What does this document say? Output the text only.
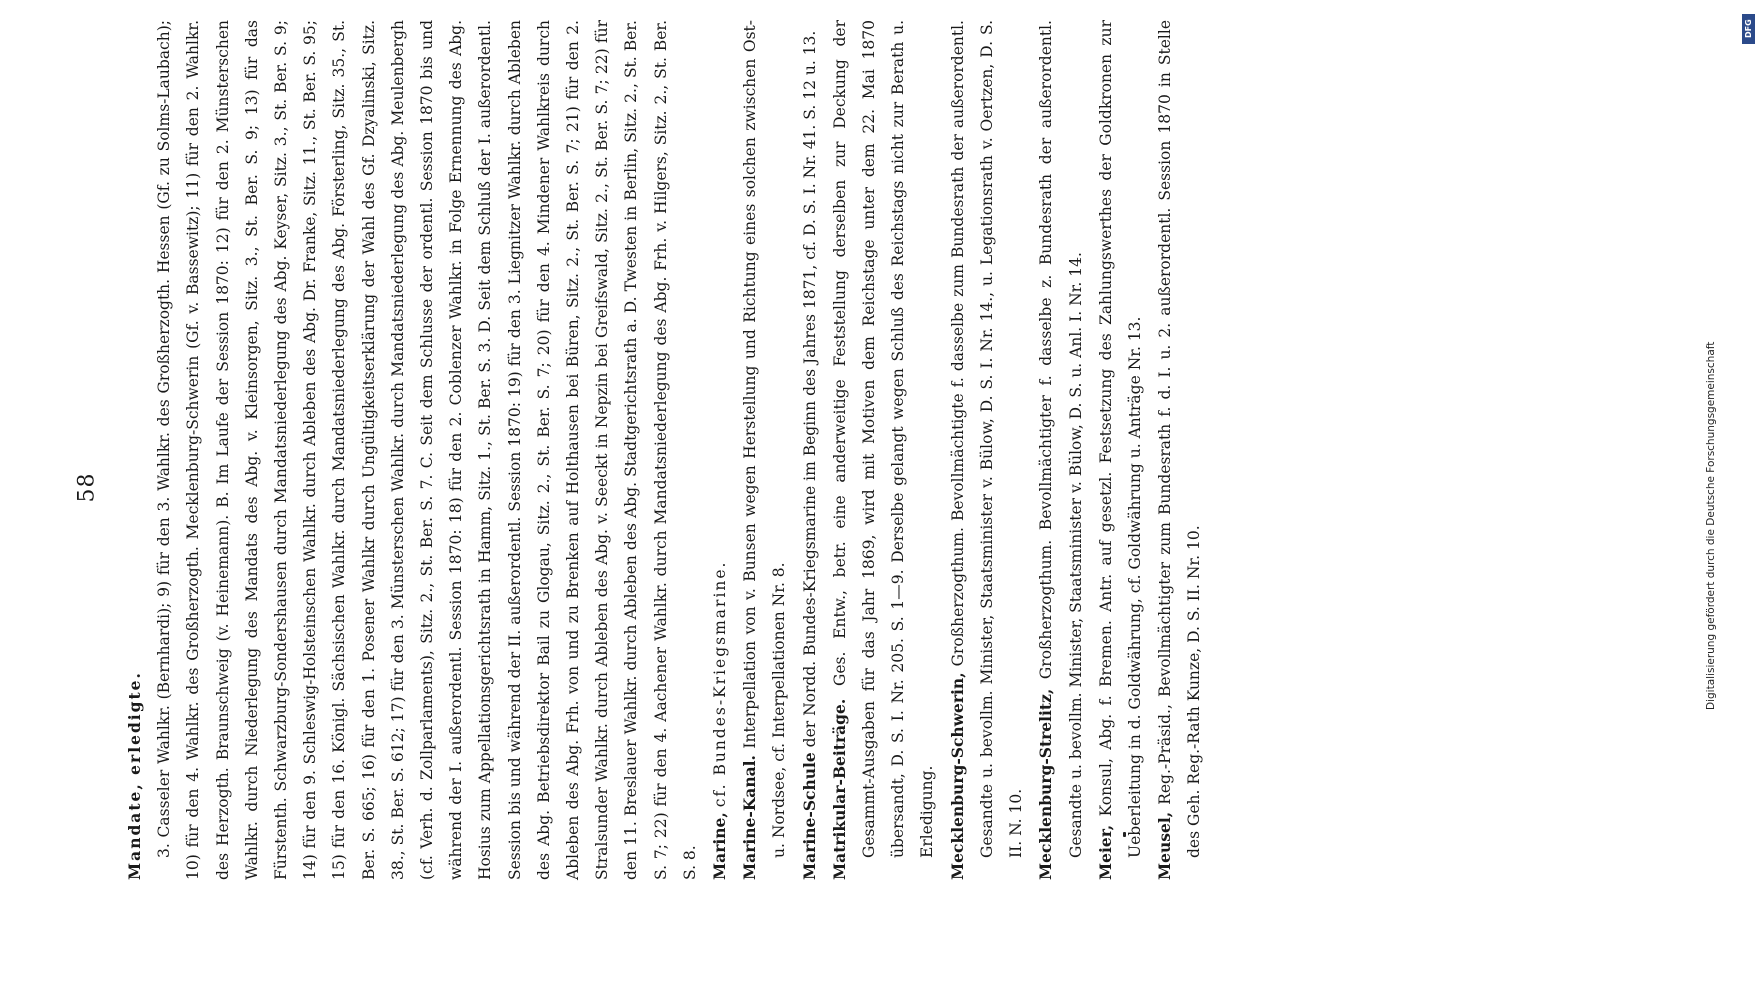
58

Mandate, erledigte. 3. Casseler Wahlkr. (Bernhardi); 9) für den 3. Wahlkr. des Großherzogth. Hessen (Gf. zu Solms-Laubach); 10) für den 4. Wahlkr. des Großherzogth. Mecklenburg-Schwerin (Gf. v. Bassewitz); 11) für den 2. Wahlkr. des Herzogth. Braunschweig (v. Heinemann). B. Im Laufe der Session 1870: 12) für den 2. Münsterschen Wahlkr. durch Niederlegung des Mandats des Abg. v. Kleinsorgen, Sitz. 3., St. Ber. S. 9; 13) für das Fürstenth. Schwarzburg-Sondershausen durch Mandatsniederlegung des Abg. Keyser, Sitz. 3., St. Ber. S. 9; 14) für den 9. Schleswig-Holsteinschen Wahlkr. durch Ableben des Abg. Dr. Franke, Sitz. 11., St. Ber. S. 95; 15) für den 16. Königl. Sächsischen Wahlkr. durch Mandatsniederlegung des Abg. Försterling, Sitz. 35., St. Ber. S. 665; 16) für den 1. Posener Wahlkr durch Ungültigkeitserklärung der Wahl des Gf. Dzyalinski, Sitz. 38., St. Ber. S. 612; 17) für den 3. Münsterschen Wahlkr. durch Mandatsniederlegung des Abg. Meulenbergh (cf. Verh. d. Zollparlaments), Sitz. 2., St. Ber. S. 7. C. Seit dem Schlusse der ordentl. Session 1870 bis und während der I. außerordentl. Session 1870: 18) für den 2. Coblenzer Wahlkr. in Folge Ernennung des Abg. Hosius zum Appellationsgerichtsrath in Hamm, Sitz. 1., St. Ber. S. 3. D. Seit dem Schluß der I. außerordentl. Session bis und während der II. außerordentl. Session 1870: 19) für den 3. Liegnitzer Wahlkr. durch Ableben des Abg. Betriebsdirektor Bail zu Glogau, Sitz. 2., St. Ber. S. 7; 20) für den 4. Mindener Wahlkreis durch Ableben des Abg. Frh. von und zu Brenken auf Holthausen bei Büren, Sitz. 2., St. Ber. S. 7; 21) für den 2. Stralsunder Wahlkr. durch Ableben des Abg. v. Seeckt in Nepzin bei Greifswald, Sitz. 2., St. Ber. S. 7; 22) für den 11. Breslauer Wahlkr. durch Ableben des Abg. Stadtgerichtsrath a. D. Twesten in Berlin, Sitz. 2., St. Ber. S. 7; 22) für den 4. Aachener Wahlkr. durch Mandatsniederlegung des Abg. Frh. v. Hilgers, Sitz. 2., St. Ber. S. 8. Marine, cf. Bundes-Kriegsmarine.

Marine-Kanal. Interpellation von v. Bunsen wegen Herstellung und Richtung eines solchen zwischen Ost- u. Nordsee, cf. Interpellationen Nr. 8. Marine-Schule der Nordd. Bundes-Kriegsmarine im Beginn des Jahres 1871, cf. D. S. I. Nr. 41. S. 12 u. 13.

Matrikular-Beiträge. Ges. Entw., betr. eine anderweitige Feststellung derselben zur Deckung der Gesammt-Ausgaben für das Jahr 1869, wird mit Motiven dem Reichstage unter dem 22. Mai 1870 übersandt, D. S. I. Nr. 205. S. 1—9. Derselbe gelangt wegen Schluß des Reichstags nicht zur Berath u. Erledigung. Mecklenburg-Schwerin, Großherzogthum. Bevollmächtigte f. dasselbe zum Bundesrath der außerordentl. Gesandte u. bevollm. Minister, Staatsminister v. Bülow, D. S. I. Nr. 14., u. Legationsrath v. Oertzen, D. S. II. N. 10. Mecklenburg-Strelitz, Großherzogthum. Bevollmächtigter f. dasselbe z. Bundesrath der außerordentl. Gesandte u. bevollm. Minister, Staatsminister v. Bülow, D. S. u. Anl. I. Nr. 14. Meier, Konsul, Abg. f. Bremen. Antr. auf gesetzl. Festsetzung des Zahlungswerthes der Goldkronen zur Ueberleitung in d. Goldwährung, cf. Goldwährung u. Anträge Nr. 13. Meusel, Reg.-Präsid., Bevollmächtigter zum Bundesrath f. d. I. u. 2. außerordentl. Session 1870 in Stelle des Geh. Reg.-Rath Kunze, D. S. II. Nr. 10.	Digitalisierung gefördert durch die Deutsche Forschungsgemeinschaft
DFG
